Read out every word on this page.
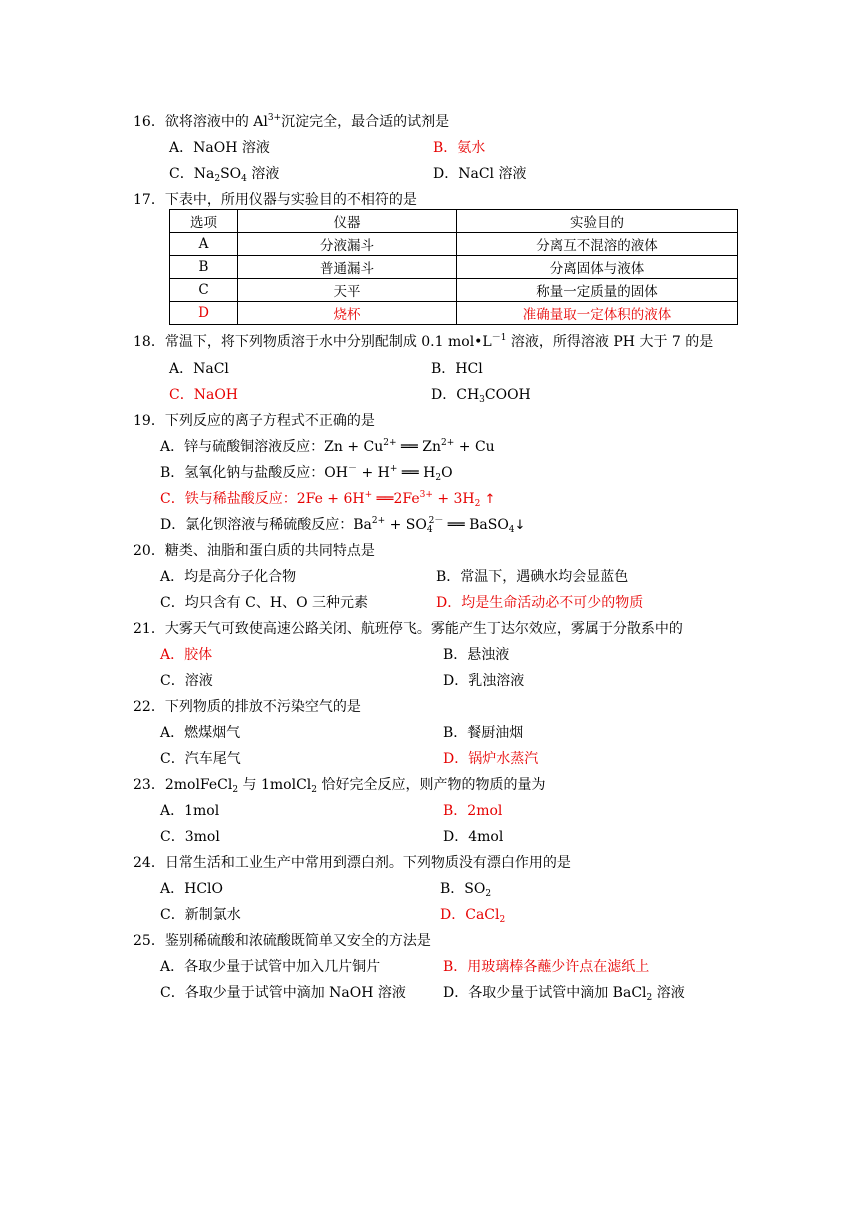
16．欲将溶液中的 $Al^{3+}$沉淀完全，最合适的试剂是
A．NaOH 溶液	B．氨水
C．$Na_2SO_4$ 溶液	D．NaCl 溶液
17．下表中，所用仪器与实验目的不相符的是
选项	仪器	实验目的
A	分液漏斗	分离互不混溶的液体
B	普通漏斗	分离固体与液体
C	天平	称量一定质量的固体
D	烧杯	准确量取一定体积的液体
18．常温下，将下列物质溶于水中分别配制成 0.1 $mol•L^{-1}$ 溶液，所得溶液 PH 大于 7 的是
A．NaCl	B．HCl
C．NaOH	D．$CH_3COOH$
19．下列反应的离子方程式不正确的是
A．锌与硫酸铜溶液反应：$Zn + Cu^{2+}$ ══ $Zn^{2+} + Cu$
B．氢氧化钠与盐酸反应：OH－ + H+ ══ $H_2O$
C．铁与稀盐酸反应：2Fe + 6H+ $══2Fe^{3+} + 3H_2$ ↑
D．氯化钡溶液与稀硫酸反应：$Ba^{2+} + SO_4^{2-}$ ══ BaSO$_4$↓
20．糖类、油脂和蛋白质的共同特点是
A．均是高分子化合物	B．常温下，遇碘水均会显蓝色
C．均只含有 C、H、O 三种元素	D．均是生命活动必不可少的物质
21．大雾天气可致使高速公路关闭、航班停飞。雾能产生丁达尔效应，雾属于分散系中的
A．胶体	B．悬浊液
C．溶液	D．乳浊溶液
22．下列物质的排放不污染空气的是
A．燃煤烟气	B．餐厨油烟
C．汽车尾气	D．锅炉水蒸汽
23．2molFeCl$_2$ 与 1molCl$_2$ 恰好完全反应，则产物的物质的量为
A．1mol	B．2mol
C．3mol	D．4mol
24．日常生活和工业生产中常用到漂白剂。下列物质没有漂白作用的是
A．HClO	B．$SO_2$
C．新制氯水	D．CaCl$_2$
25．鉴别稀硫酸和浓硫酸既简单又安全的方法是
A．各取少量于试管中加入几片铜片	B．用玻璃棒各蘸少许点在滤纸上
C．各取少量于试管中滴加 NaOH 溶液	D．各取少量于试管中滴加 BaCl$_2$ 溶液
